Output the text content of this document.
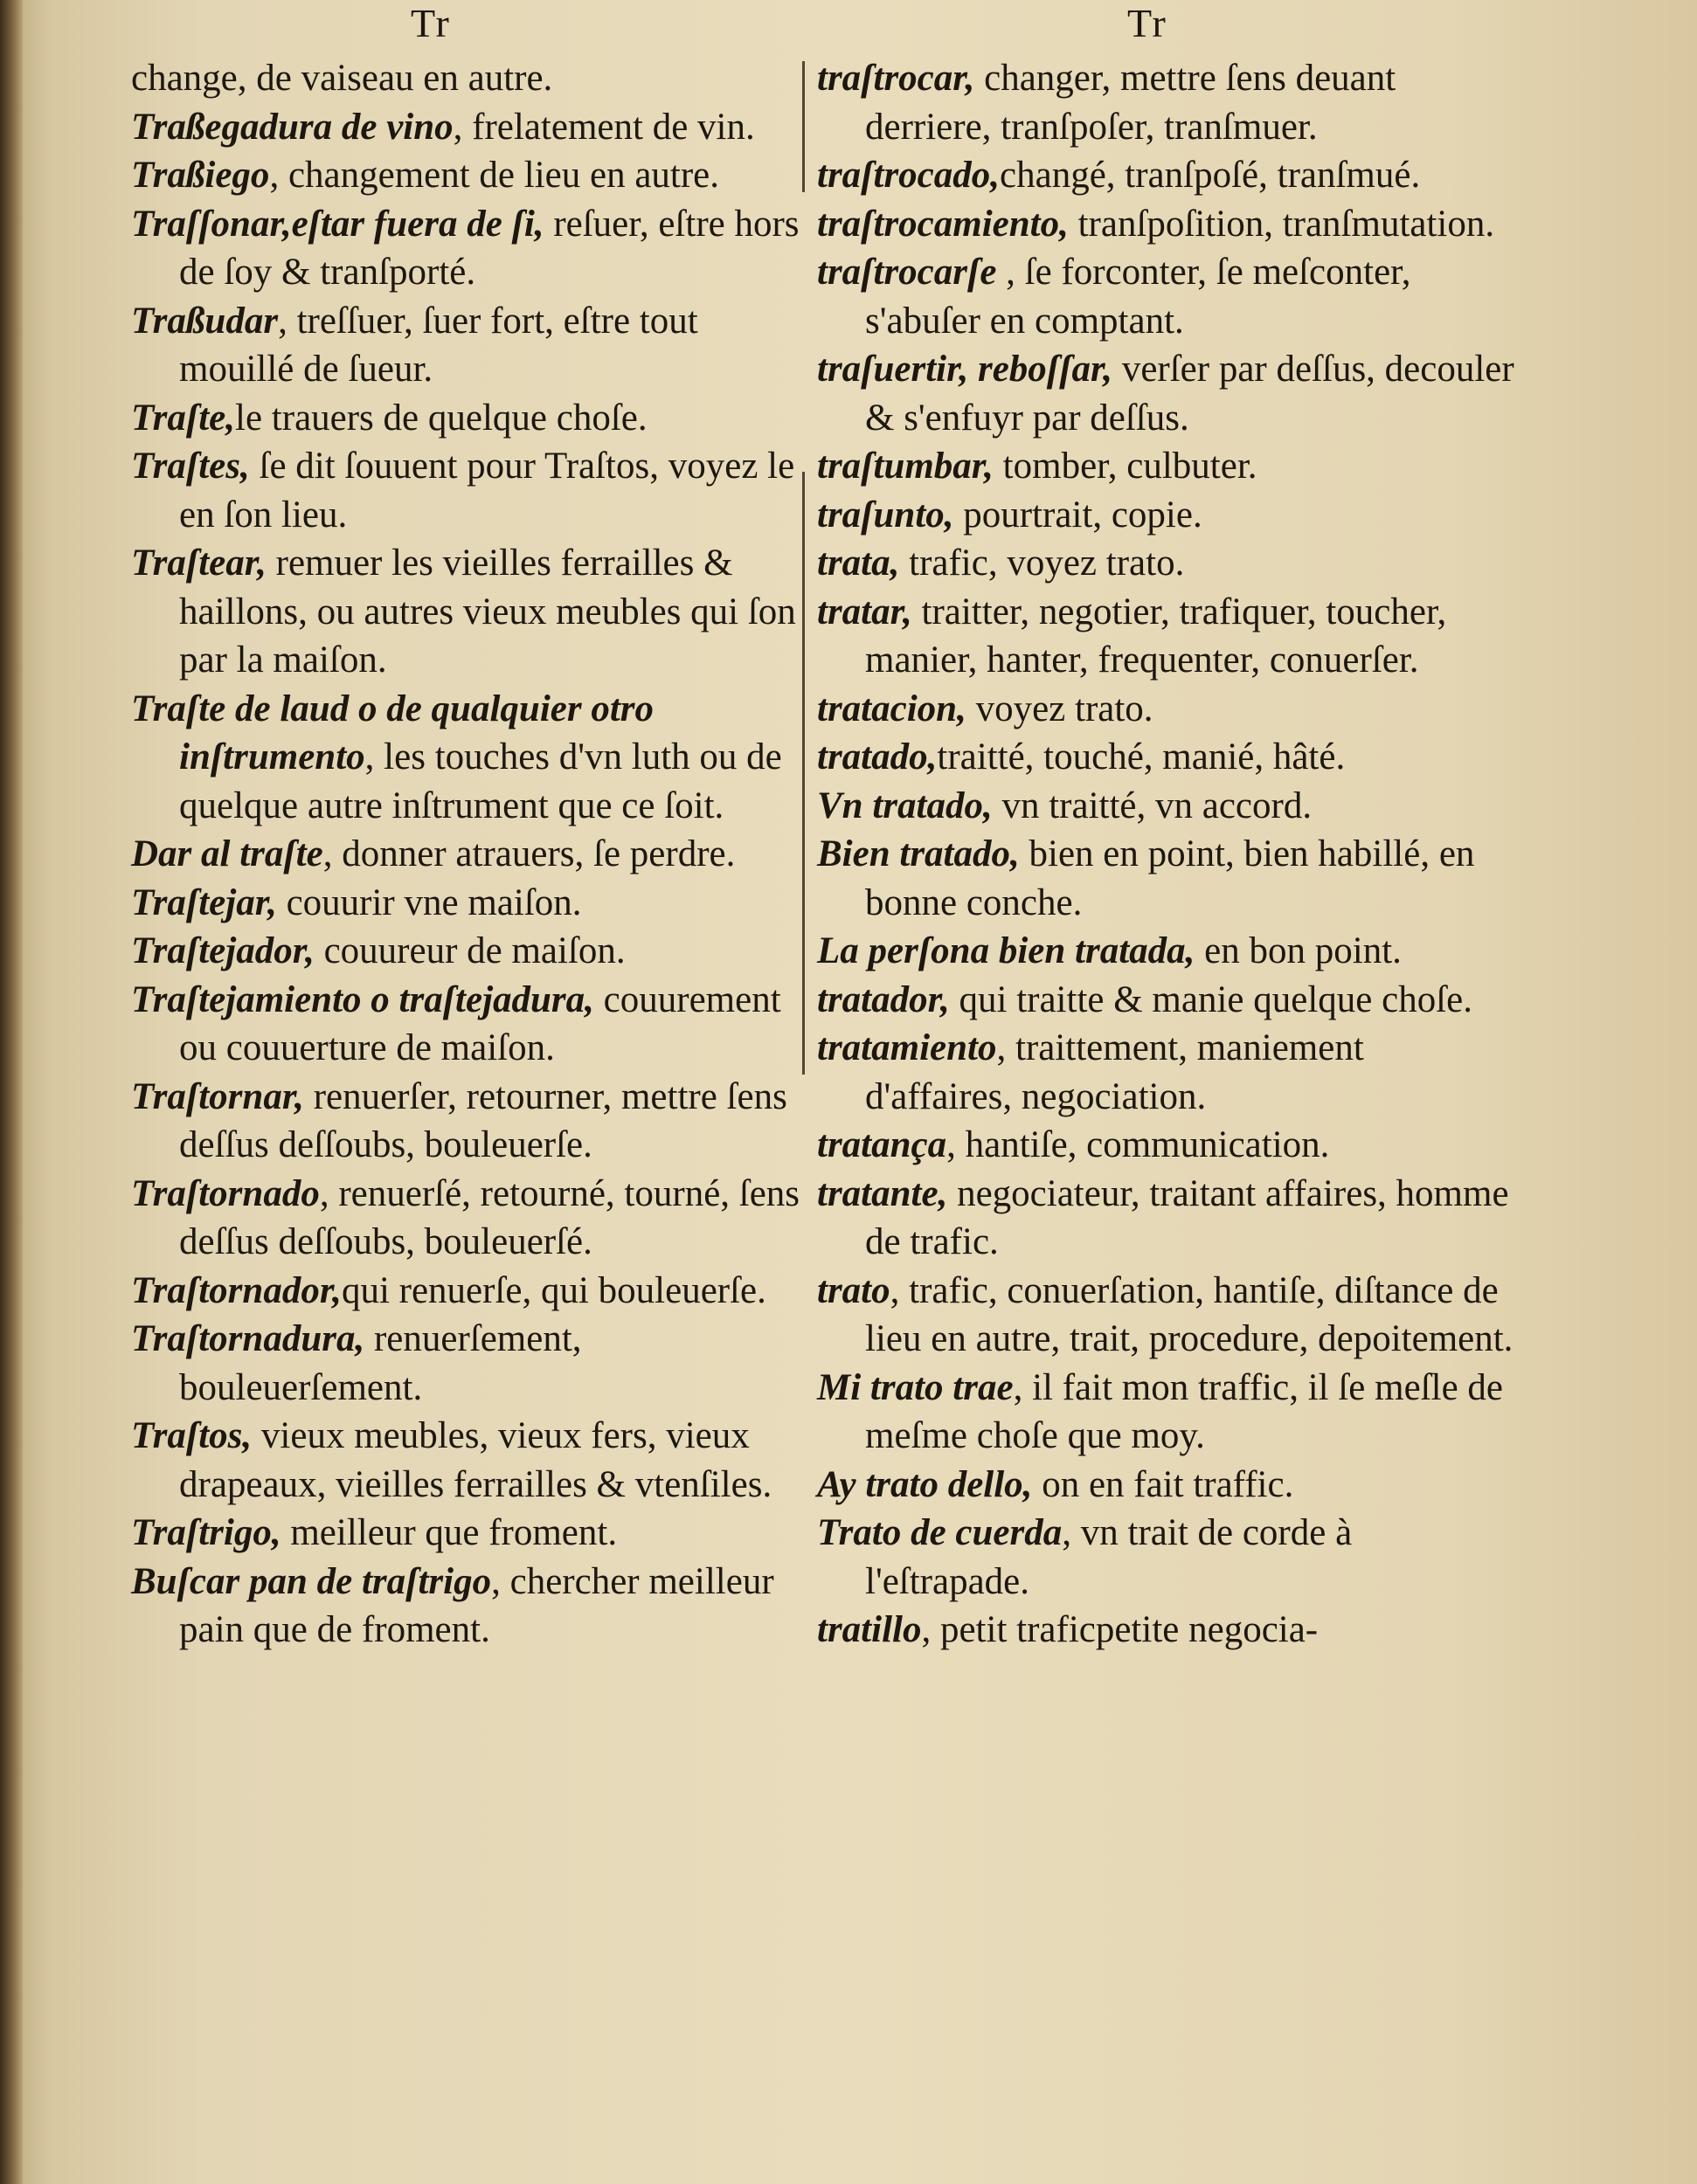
Tr	Tr

change, de vaiseau en autre.

Traßegadura de vino, frelatement de vin.

Traßiego, changement de lieu en autre.

Traſſonar,eſtar fuera de ſi, reſuer, eſtre hors de ſoy & tranſporté.

Traßudar, treſſuer, ſuer fort, eſtre tout mouillé de ſueur.

Traſte,le trauers de quelque choſe.

Traſtes, ſe dit ſouuent pour Traſtos, voyez le en ſon lieu.

Traſtear, remuer les vieilles ferrailles & haillons, ou autres vieux meubles qui ſon par la maiſon.

Traſte de laud o de qualquier otro inſtrumento, les touches d'vn luth ou de quelque autre inſtrument que ce ſoit.

Dar al traſte, donner atrauers, ſe perdre.

Traſtejar, couurir vne maiſon.

Traſtejador, couureur de maiſon.

Traſtejamiento o traſtejadura, couurement ou couuerture de maiſon.

Traſtornar, renuerſer, retourner, mettre ſens deſſus deſſoubs, bouleuerſe.

Traſtornado, renuerſé, retourné, tourné, ſens deſſus deſſoubs, bouleuerſé.

Traſtornador,qui renuerſe, qui bouleuerſe.

Traſtornadura, renuerſement, bouleuerſement.

Traſtos, vieux meubles, vieux fers, vieux drapeaux, vieilles ferrailles & vtenſiles.

Traſtrigo, meilleur que froment.

Buſcar pan de traſtrigo, chercher meilleur pain que de froment.

traſtrocar, changer, mettre ſens deuant derriere, tranſpoſer, tranſmuer.

traſtrocado,changé, tranſpoſé, tranſmué.

traſtrocamiento, tranſpoſition, tranſmutation.

traſtrocarſe , ſe forconter, ſe meſconter, s'abuſer en comptant.

traſuertir, reboſſar, verſer par deſſus, decouler & s'enfuyr par deſſus.

traſtumbar, tomber, culbuter.

traſunto, pourtrait, copie.

trata, trafic, voyez trato.

tratar, traitter, negotier, trafiquer, toucher, manier, hanter, frequenter, conuerſer.

tratacion, voyez trato.

tratado,traitté, touché, manié, hâté.

Vn tratado, vn traitté, vn accord.

Bien tratado, bien en point, bien habillé, en bonne conche.

La perſona bien tratada, en bon point.

tratador, qui traitte & manie quelque choſe.

tratamiento, traittement, maniement d'affaires, negociation.

tratança, hantiſe, communication.

tratante, negociateur, traitant affaires, homme de trafic.

trato, trafic, conuerſation, hantiſe, diſtance de lieu en autre, trait, procedure, depoitement.

Mi trato trae, il fait mon traffic, il ſe meſle de meſme choſe que moy.

Ay trato dello, on en fait traffic.

Trato de cuerda, vn trait de corde à l'eſtrapade.

tratillo, petit traficpetite negocia-
